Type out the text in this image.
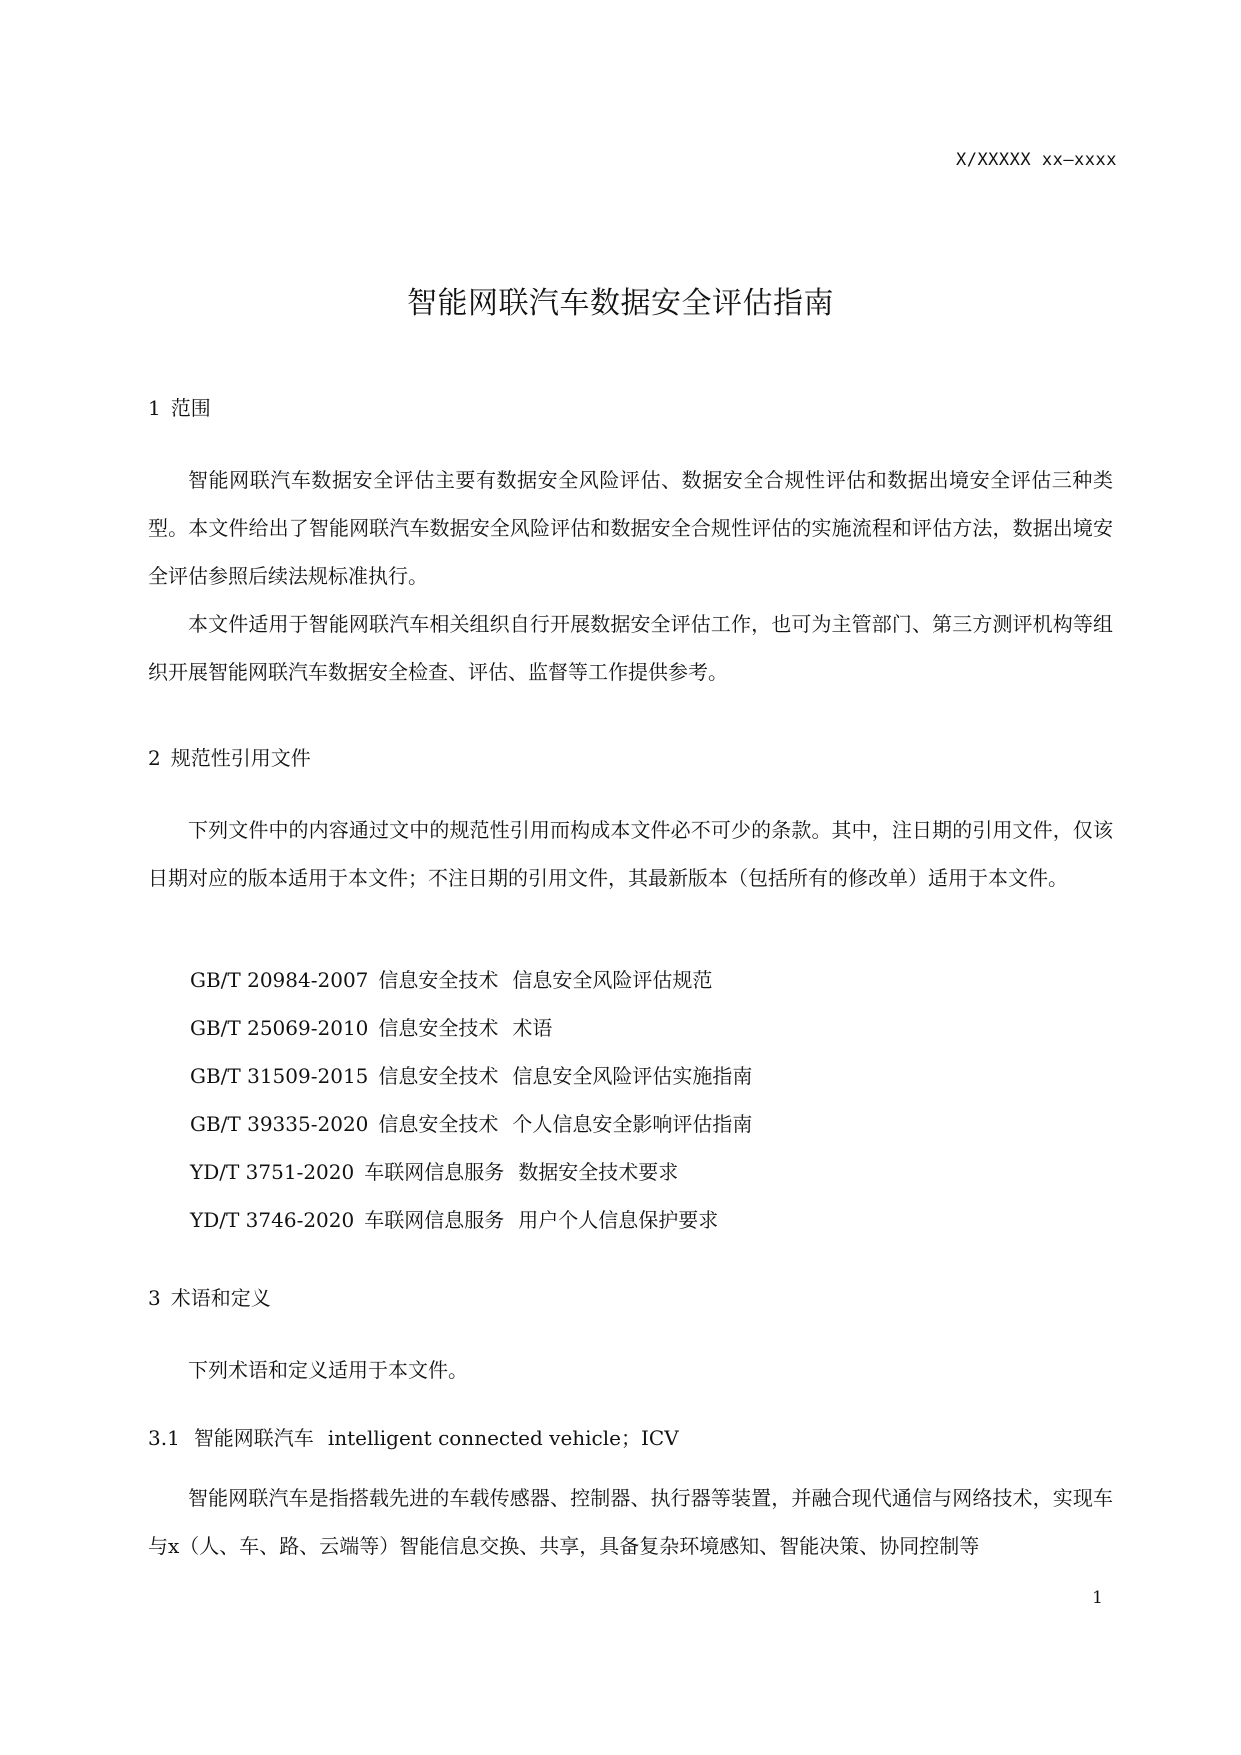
X/XXXXX xx—xxxx
智能网联汽车数据安全评估指南
1 范围
智能网联汽车数据安全评估主要有数据安全风险评估、数据安全合规性评估和数据出境安全评估三种类型。本文件给出了智能网联汽车数据安全风险评估和数据安全合规性评估的实施流程和评估方法，数据出境安全评估参照后续法规标准执行。
本文件适用于智能网联汽车相关组织自行开展数据安全评估工作，也可为主管部门、第三方测评机构等组织开展智能网联汽车数据安全检查、评估、监督等工作提供参考。
2 规范性引用文件
下列文件中的内容通过文中的规范性引用而构成本文件必不可少的条款。其中，注日期的引用文件，仅该日期对应的版本适用于本文件；不注日期的引用文件，其最新版本（包括所有的修改单）适用于本文件。
GB/T 20984-2007 信息安全技术 信息安全风险评估规范
GB/T 25069-2010 信息安全技术 术语
GB/T 31509-2015 信息安全技术 信息安全风险评估实施指南
GB/T 39335-2020 信息安全技术 个人信息安全影响评估指南
YD/T 3751-2020 车联网信息服务 数据安全技术要求
YD/T 3746-2020 车联网信息服务 用户个人信息保护要求
3 术语和定义
下列术语和定义适用于本文件。
3.1 智能网联汽车 intelligent connected vehicle；ICV
智能网联汽车是指搭载先进的车载传感器、控制器、执行器等装置，并融合现代通信与网络技术，实现车与x（人、车、路、云端等）智能信息交换、共享，具备复杂环境感知、智能决策、协同控制等
1
